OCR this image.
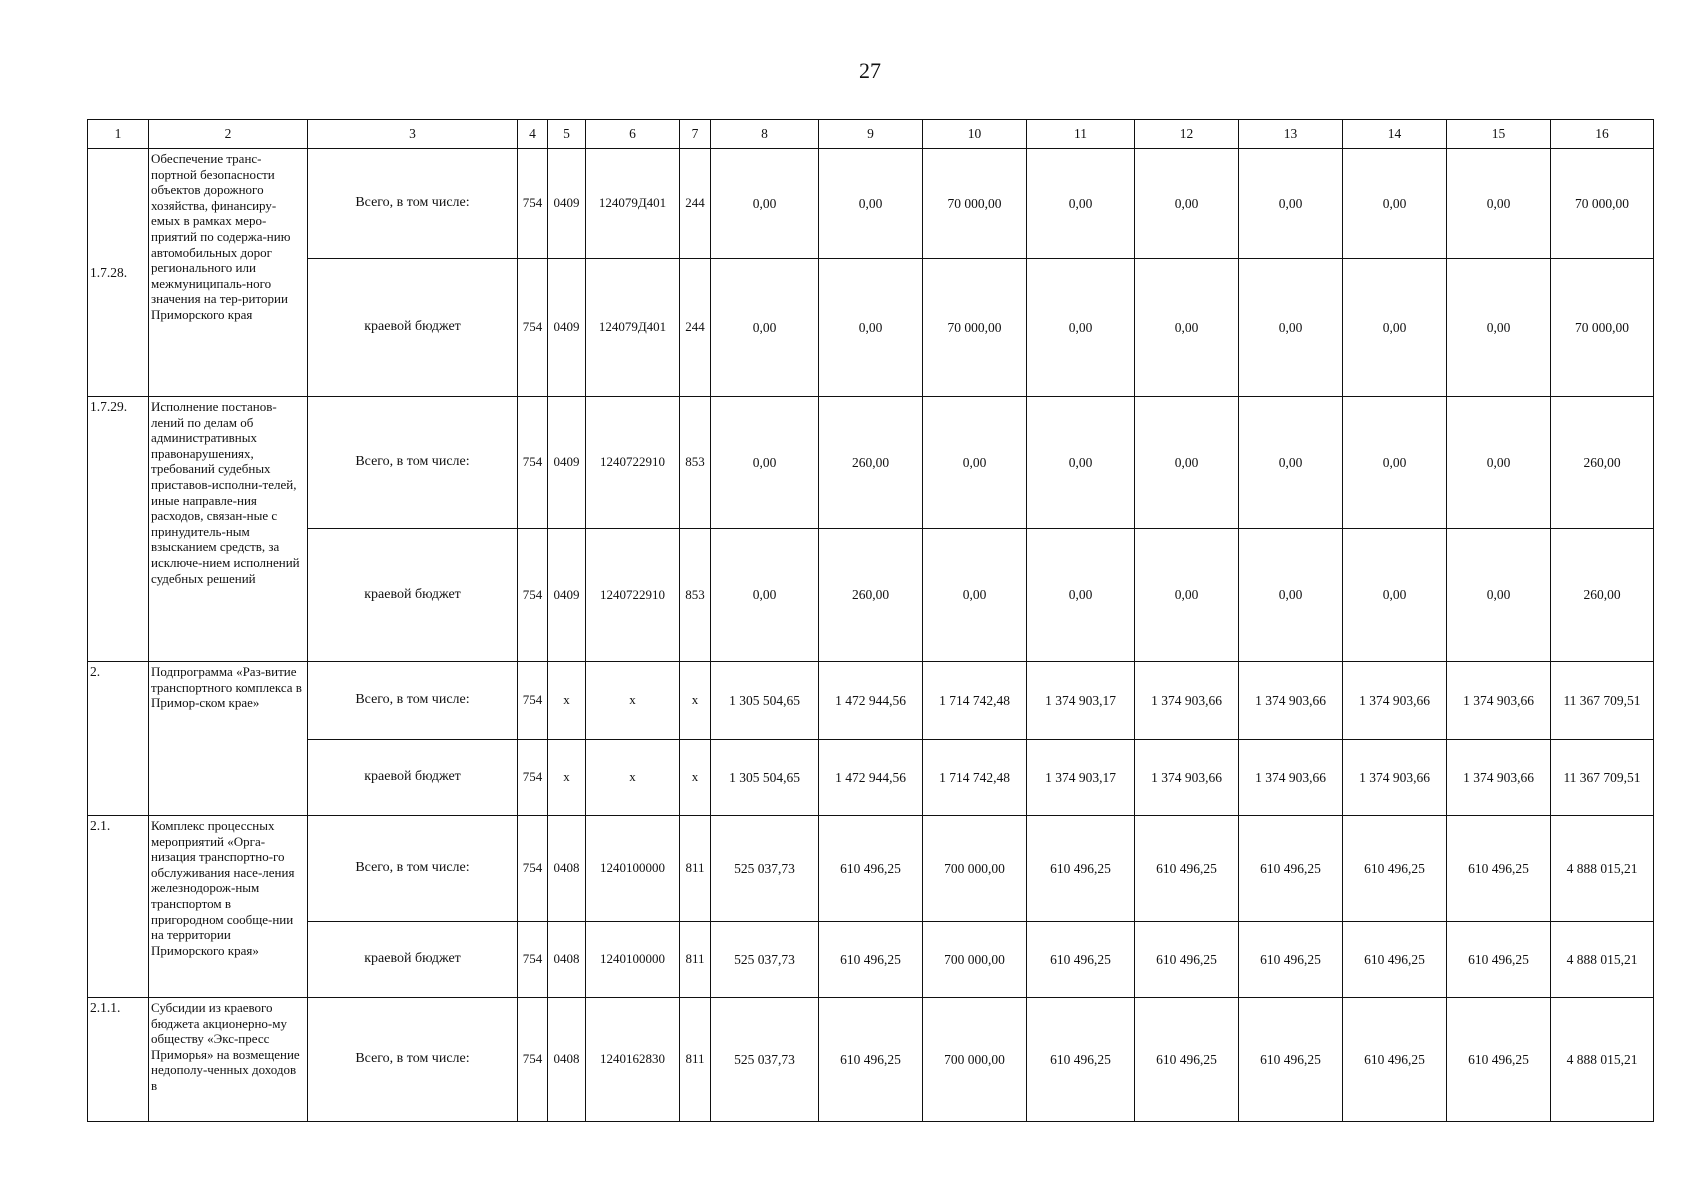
27
1	2	3	4	5	6	7	8	9	10	11	12	13	14	15	16
1.7.28.	Обеспечение транс-портной безопасности объектов дорожного хозяйства, финансиру-емых в рамках меро-приятий по содержа-нию автомобильных дорог регионального или межмуниципаль-ного значения на тер-ритории Приморского края	Всего, в том числе:	754	0409	124079Д401	244	0,00	0,00	70 000,00	0,00	0,00	0,00	0,00	0,00	70 000,00
		краевой бюджет	754	0409	124079Д401	244	0,00	0,00	70 000,00	0,00	0,00	0,00	0,00	0,00	70 000,00
1.7.29.	Исполнение постанов-лений по делам об административных правонарушениях, требований судебных приставов-исполни-телей, иные направле-ния расходов, связан-ные с принудитель-ным взысканием средств, за исключе-нием исполнений судебных решений	Всего, в том числе:	754	0409	1240722910	853	0,00	260,00	0,00	0,00	0,00	0,00	0,00	0,00	260,00
		краевой бюджет	754	0409	1240722910	853	0,00	260,00	0,00	0,00	0,00	0,00	0,00	0,00	260,00
2.	Подпрограмма «Раз-витие транспортного комплекса в Примор-ском крае»	Всего, в том числе:	754	x	x	x	1 305 504,65	1 472 944,56	1 714 742,48	1 374 903,17	1 374 903,66	1 374 903,66	1 374 903,66	1 374 903,66	11 367 709,51
		краевой бюджет	754	x	x	x	1 305 504,65	1 472 944,56	1 714 742,48	1 374 903,17	1 374 903,66	1 374 903,66	1 374 903,66	1 374 903,66	11 367 709,51
2.1.	Комплекс процессных мероприятий «Орга-низация транспортно-го обслуживания насе-ления железнодорож-ным транспортом в пригородном сообще-нии на территории Приморского края»	Всего, в том числе:	754	0408	1240100000	811	525 037,73	610 496,25	700 000,00	610 496,25	610 496,25	610 496,25	610 496,25	610 496,25	4 888 015,21
		краевой бюджет	754	0408	1240100000	811	525 037,73	610 496,25	700 000,00	610 496,25	610 496,25	610 496,25	610 496,25	610 496,25	4 888 015,21
2.1.1.	Субсидии из краевого бюджета акционерно-му обществу «Экс-пресс Приморья» на возмещение недополу-ченных доходов в	Всего, в том числе:	754	0408	1240162830	811	525 037,73	610 496,25	700 000,00	610 496,25	610 496,25	610 496,25	610 496,25	610 496,25	4 888 015,21
